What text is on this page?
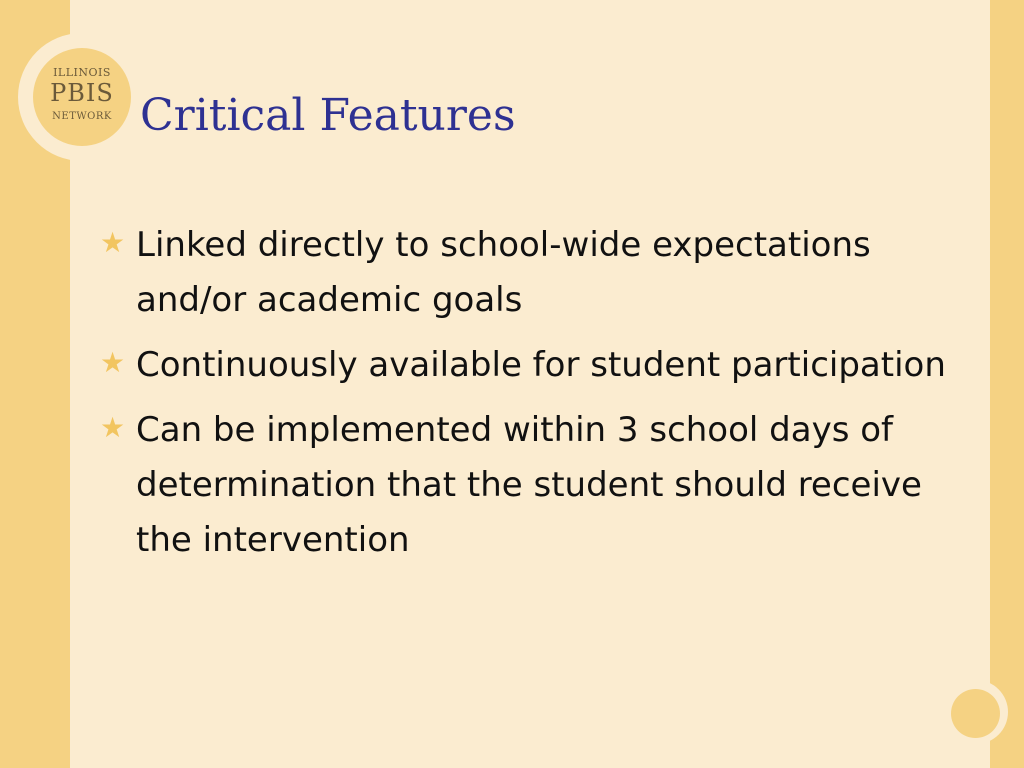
ILLINOIS
PBIS
NETWORK Critical Features
★ Linked directly to school-wide expectations and/or academic goals
★ Continuously available for student participation
★ Can be implemented within 3 school days of determination that the student should receive the intervention
